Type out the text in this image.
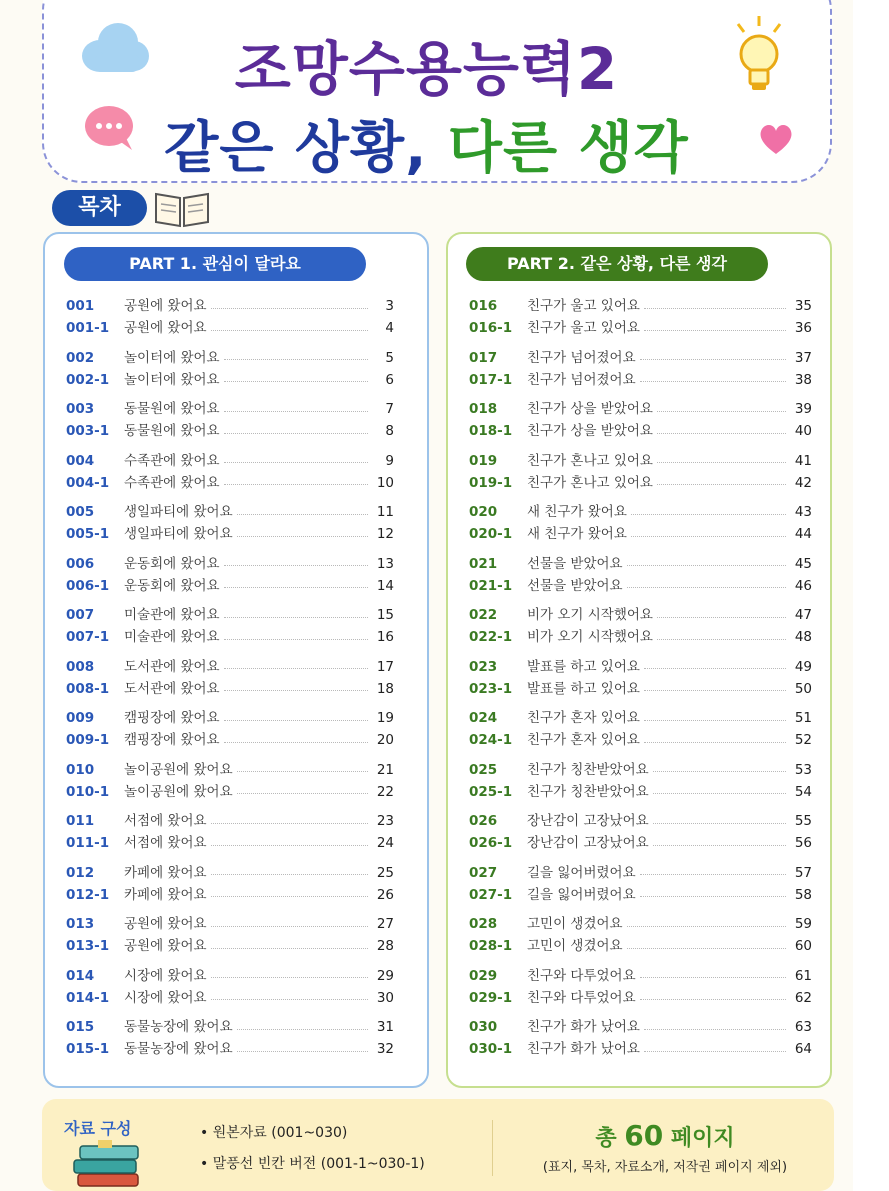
조망수용능력2
같은 상황, 다른 생각
목차
PART 1. 관심이 달라요	PART 2. 같은 상황, 다른 생각
001	공원에 왔어요	3
001-1	공원에 왔어요	4
002	놀이터에 왔어요	5
002-1	놀이터에 왔어요	6
003	동물원에 왔어요	7
003-1	동물원에 왔어요	8
004	수족관에 왔어요	9
004-1	수족관에 왔어요	10
005	생일파티에 왔어요	11
005-1	생일파티에 왔어요	12
006	운동회에 왔어요	13
006-1	운동회에 왔어요	14
007	미술관에 왔어요	15
007-1	미술관에 왔어요	16
008	도서관에 왔어요	17
008-1	도서관에 왔어요	18
009	캠핑장에 왔어요	19
009-1	캠핑장에 왔어요	20
010	놀이공원에 왔어요	21
010-1	놀이공원에 왔어요	22
011	서점에 왔어요	23
011-1	서점에 왔어요	24
012	카페에 왔어요	25
012-1	카페에 왔어요	26
013	공원에 왔어요	27
013-1	공원에 왔어요	28
014	시장에 왔어요	29
014-1	시장에 왔어요	30
015	동물농장에 왔어요	31
015-1	동물농장에 왔어요	32
016	친구가 울고 있어요	35
016-1	친구가 울고 있어요	36
017	친구가 넘어졌어요	37
017-1	친구가 넘어졌어요	38
018	친구가 상을 받았어요	39
018-1	친구가 상을 받았어요	40
019	친구가 혼나고 있어요	41
019-1	친구가 혼나고 있어요	42
020	새 친구가 왔어요	43
020-1	새 친구가 왔어요	44
021	선물을 받았어요	45
021-1	선물을 받았어요	46
022	비가 오기 시작했어요	47
022-1	비가 오기 시작했어요	48
023	발표를 하고 있어요	49
023-1	발표를 하고 있어요	50
024	친구가 혼자 있어요	51
024-1	친구가 혼자 있어요	52
025	친구가 칭찬받았어요	53
025-1	친구가 칭찬받았어요	54
026	장난감이 고장났어요	55
026-1	장난감이 고장났어요	56
027	길을 잃어버렸어요	57
027-1	길을 잃어버렸어요	58
028	고민이 생겼어요	59
028-1	고민이 생겼어요	60
029	친구와 다투었어요	61
029-1	친구와 다투었어요	62
030	친구가 화가 났어요	63
030-1	친구가 화가 났어요	64
자료 구성	• 원본자료 (001~030)
• 말풍선 빈칸 버전 (001-1~030-1)
총 60 페이지
(표지, 목차, 자료소개, 저작권 페이지 제외)
